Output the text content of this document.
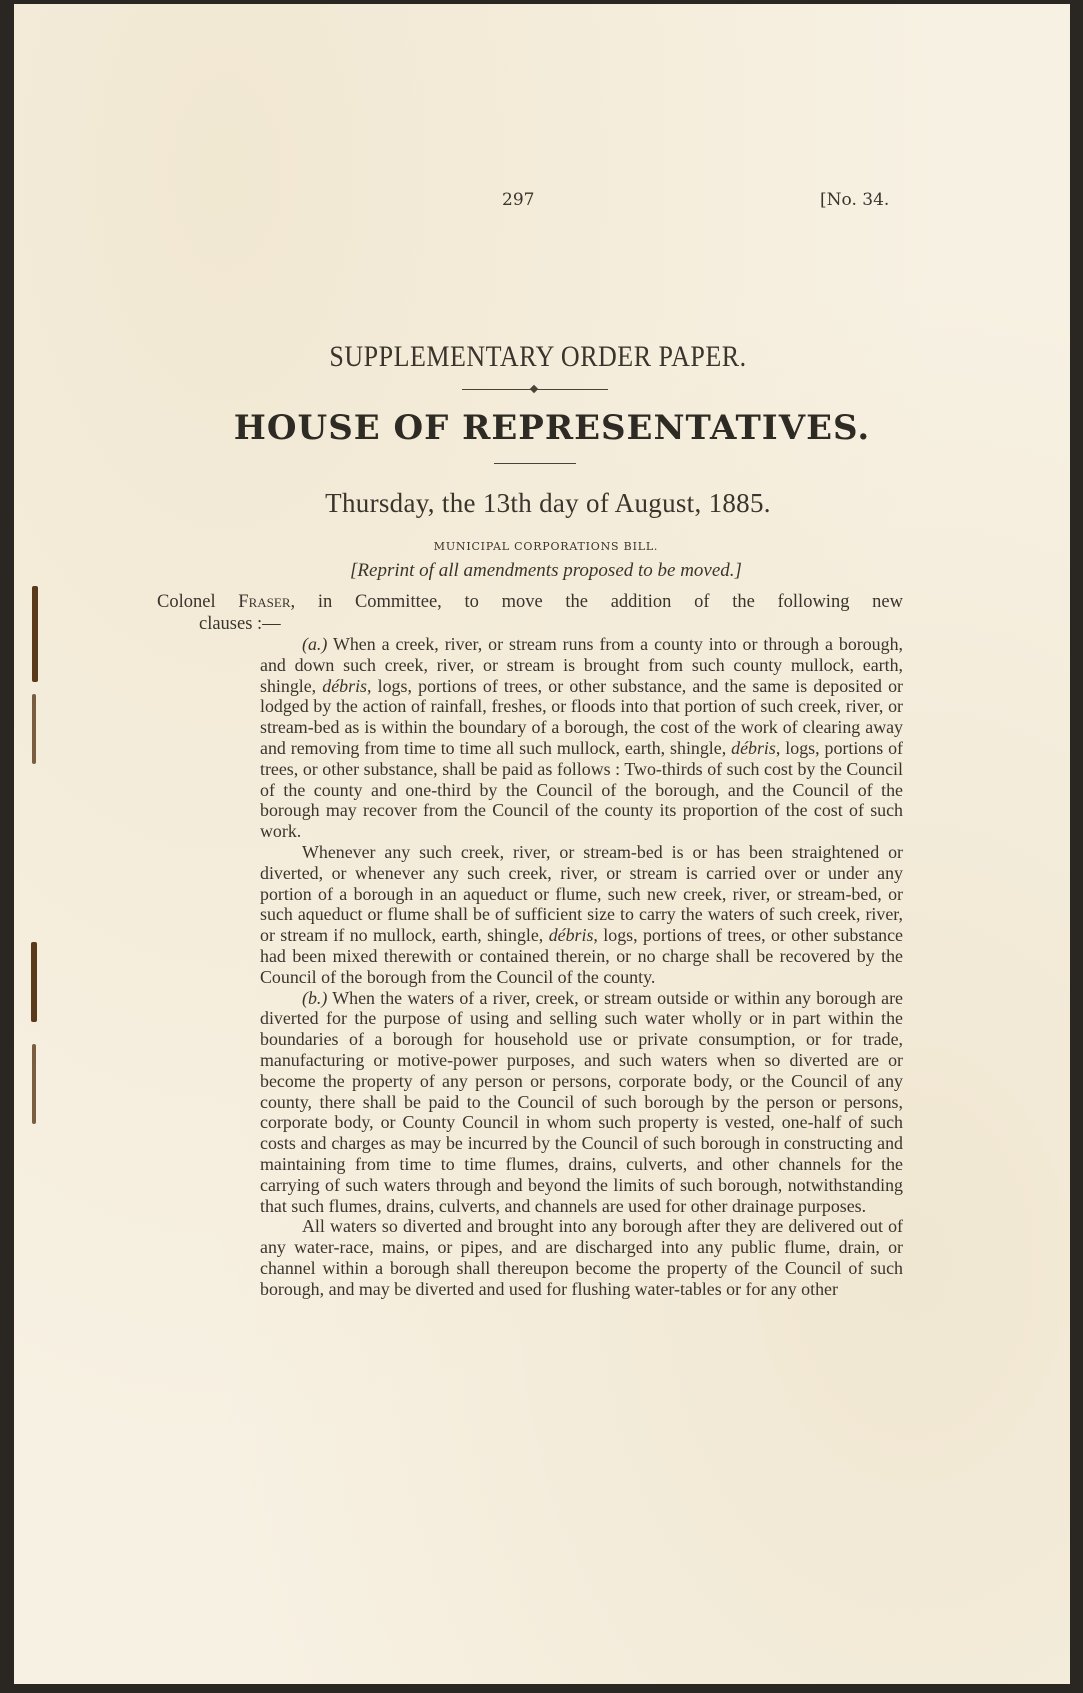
297	[No. 34.
SUPPLEMENTARY ORDER PAPER.
HOUSE OF REPRESENTATIVES.
Thursday, the 13th day of August, 1885.
MUNICIPAL CORPORATIONS BILL.
[Reprint of all amendments proposed to be moved.]
Colonel Fraser, in Committee, to move the addition of the following new
clauses :—

(a.) When a creek, river, or stream runs from a county into or through a borough, and down such creek, river, or stream is brought from such county mullock, earth, shingle, débris, logs, portions of trees, or other substance, and the same is deposited or lodged by the action of rainfall, freshes, or floods into that portion of such creek, river, or stream-bed as is within the boundary of a borough, the cost of the work of clearing away and removing from time to time all such mullock, earth, shingle, débris, logs, portions of trees, or other substance, shall be paid as follows : Two-thirds of such cost by the Council of the county and one-third by the Council of the borough, and the Council of the borough may recover from the Council of the county its proportion of the cost of such work.

Whenever any such creek, river, or stream-bed is or has been straightened or diverted, or whenever any such creek, river, or stream is carried over or under any portion of a borough in an aqueduct or flume, such new creek, river, or stream-bed, or such aqueduct or flume shall be of sufficient size to carry the waters of such creek, river, or stream if no mullock, earth, shingle, débris, logs, portions of trees, or other substance had been mixed therewith or contained therein, or no charge shall be recovered by the Council of the borough from the Council of the county.

(b.) When the waters of a river, creek, or stream outside or within any borough are diverted for the purpose of using and selling such water wholly or in part within the boundaries of a borough for household use or private consumption, or for trade, manufacturing or motive-power purposes, and such waters when so diverted are or become the property of any person or persons, corporate body, or the Council of any county, there shall be paid to the Council of such borough by the person or persons, corporate body, or County Council in whom such property is vested, one-half of such costs and charges as may be incurred by the Council of such borough in constructing and maintaining from time to time flumes, drains, culverts, and other channels for the carrying of such waters through and beyond the limits of such borough, notwithstanding that such flumes, drains, culverts, and channels are used for other drainage purposes.

All waters so diverted and brought into any borough after they are delivered out of any water-race, mains, or pipes, and are discharged into any public flume, drain, or channel within a borough shall thereupon become the property of the Council of such borough, and may be diverted and used for flushing water-tables or for any other
